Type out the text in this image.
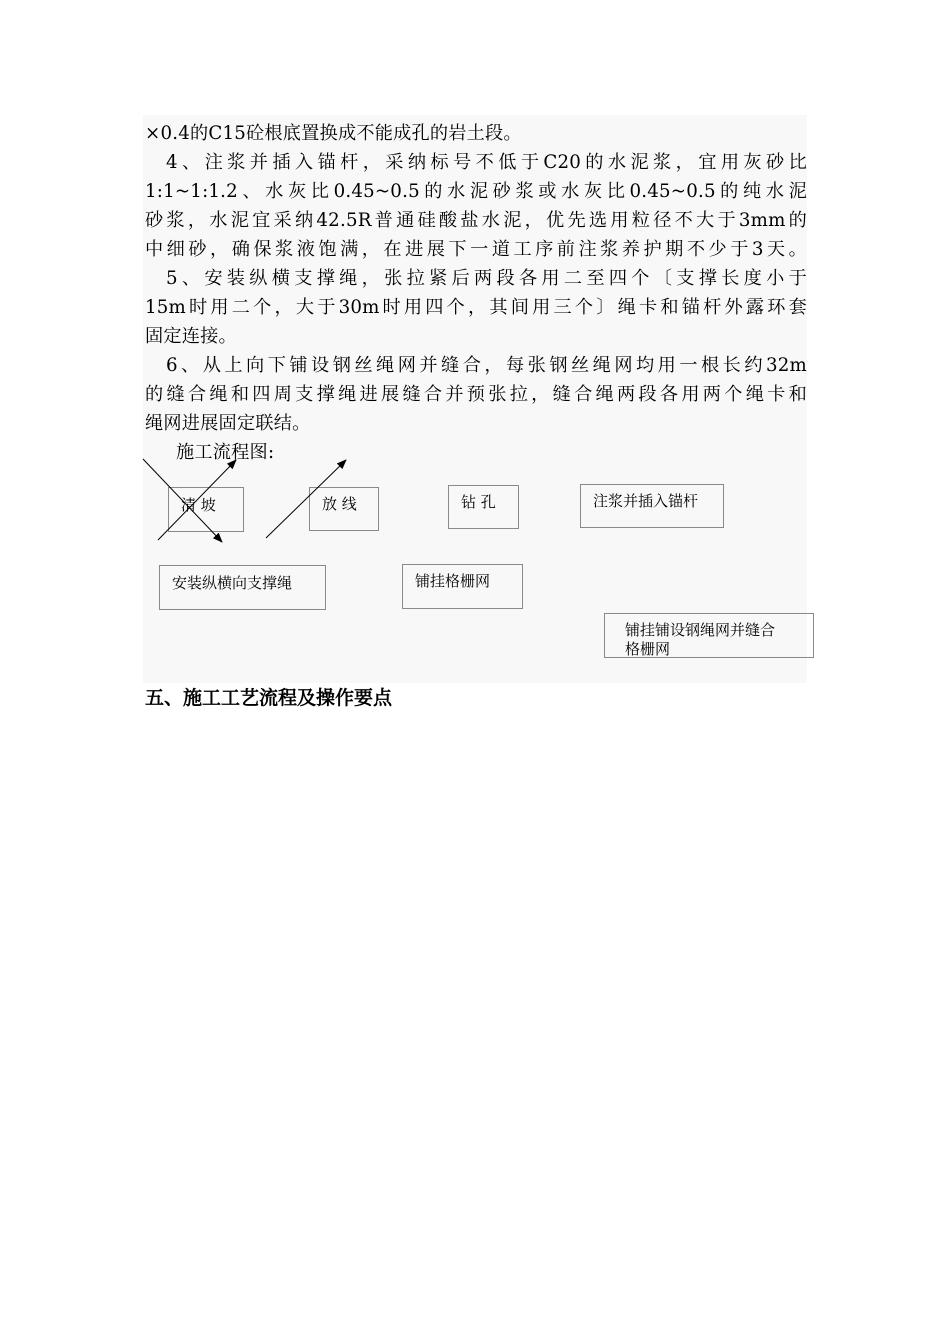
×0.4的C15砼根底置换成不能成孔的岩土段。
4、注浆并插入锚杆，采纳标号不低于C20的水泥浆，宜用灰砂比
1:1~1:1.2、水灰比0.45~0.5的水泥砂浆或水灰比0.45~0.5的纯水泥
砂浆，水泥宜采纳42.5R普通硅酸盐水泥，优先选用粒径不大于3mm的
中细砂，确保浆液饱满，在进展下一道工序前注浆养护期不少于3天。
5、安装纵横支撑绳，张拉紧后两段各用二至四个〔支撑长度小于
15m时用二个，大于30m时用四个，其间用三个〕绳卡和锚杆外露环套
固定连接。
6、从上向下铺设钢丝绳网并缝合，每张钢丝绳网均用一根长约32m
的缝合绳和四周支撑绳进展缝合并预张拉，缝合绳两段各用两个绳卡和
绳网进展固定联结。
施工流程图:
清 坡	放 线	钻 孔	注浆并插入锚杆
安装纵横向支撑绳	铺挂格栅网
铺挂铺设钢绳网并缝合
格栅网
五、施工工艺流程及操作要点
